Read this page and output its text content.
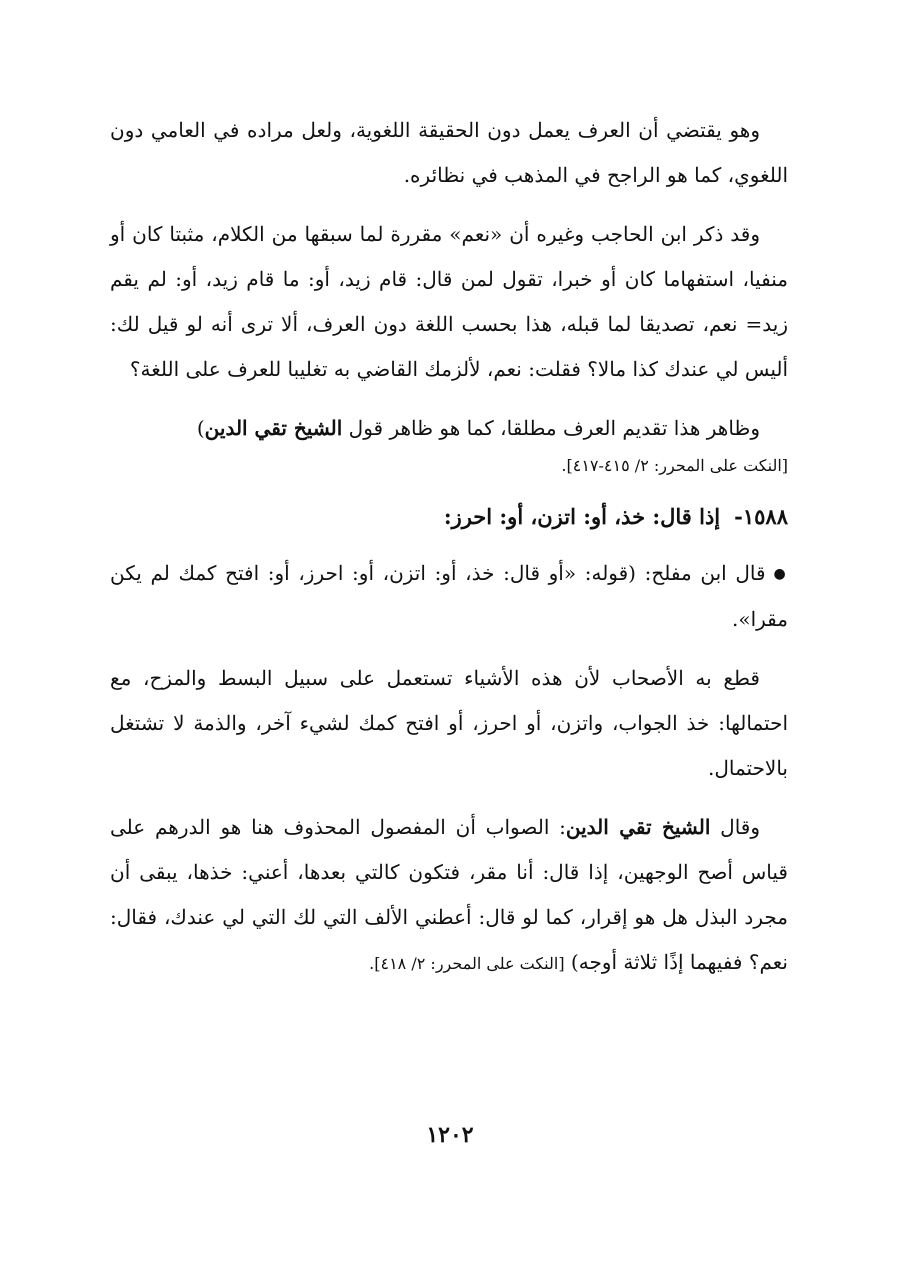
وهو يقتضي أن العرف يعمل دون الحقيقة اللغوية، ولعل مراده في العامي دون اللغوي، كما هو الراجح في المذهب في نظائره.

وقد ذكر ابن الحاجب وغيره أن «نعم» مقررة لما سبقها من الكلام، مثبتا كان أو منفيا، استفهاما كان أو خبرا، تقول لمن قال: قام زيد، أو: ما قام زيد، أو: لم يقم زيد= نعم، تصديقا لما قبله، هذا بحسب اللغة دون العرف، ألا ترى أنه لو قيل لك: أليس لي عندك كذا مالا؟ فقلت: نعم، لألزمك القاضي به تغليبا للعرف على اللغة؟

وظاهر هذا تقديم العرف مطلقا، كما هو ظاهر قول الشيخ تقي الدين)
[النكت على المحرر: ٢/ ٤١٥-٤١٧].

١٥٨٨-إذا قال: خذ، أو: اتزن، أو: احرز:

●قال ابن مفلح: (قوله: «أو قال: خذ، أو: اتزن، أو: احرز، أو: افتح كمك لم يكن مقرا».

قطع به الأصحاب لأن هذه الأشياء تستعمل على سبيل البسط والمزح، مع احتمالها: خذ الجواب، واتزن، أو احرز، أو افتح كمك لشيء آخر، والذمة لا تشتغل بالاحتمال.

وقال الشيخ تقي الدين: الصواب أن المفصول المحذوف هنا هو الدرهم على قياس أصح الوجهين، إذا قال: أنا مقر، فتكون كالتي بعدها، أعني: خذها، يبقى أن مجرد البذل هل هو إقرار، كما لو قال: أعطني الألف التي لك التي لي عندك، فقال: نعم؟ ففيهما إذًا ثلاثة أوجه) [النكت على المحرر: ٢/ ٤١٨].

١٢٠٢
